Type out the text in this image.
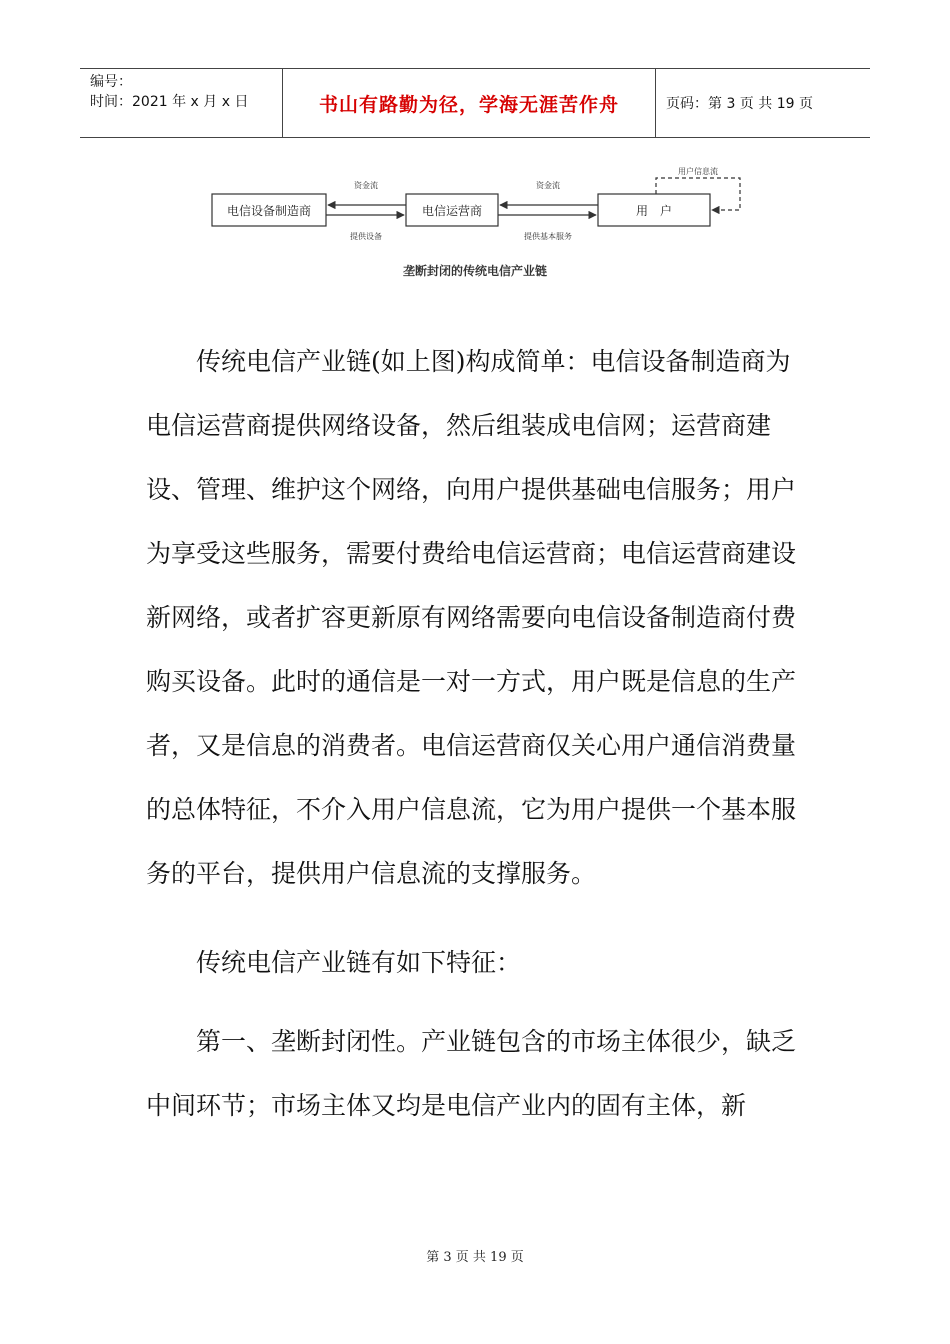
编号：
时间：2021 年 x 月 x 日	书山有路勤为径，学海无涯苦作舟	页码：第 3 页 共 19 页
电信设备制造商	电信运营商	用　户
资金流
提供设备
资金流
提供基本服务
用户信息流
垄断封闭的传统电信产业链

传统电信产业链(如上图)构成简单：电信设备制造商为电信运营商提供网络设备，然后组装成电信网；运营商建设、管理、维护这个网络，向用户提供基础电信服务；用户为享受这些服务，需要付费给电信运营商；电信运营商建设新网络，或者扩容更新原有网络需要向电信设备制造商付费购买设备。此时的通信是一对一方式，用户既是信息的生产者，又是信息的消费者。电信运营商仅关心用户通信消费量的总体特征，不介入用户信息流，它为用户提供一个基本服务的平台，提供用户信息流的支撑服务。

传统电信产业链有如下特征：

第一、垄断封闭性。产业链包含的市场主体很少，缺乏中间环节；市场主体又均是电信产业内的固有主体，新

第 3 页 共 19 页
